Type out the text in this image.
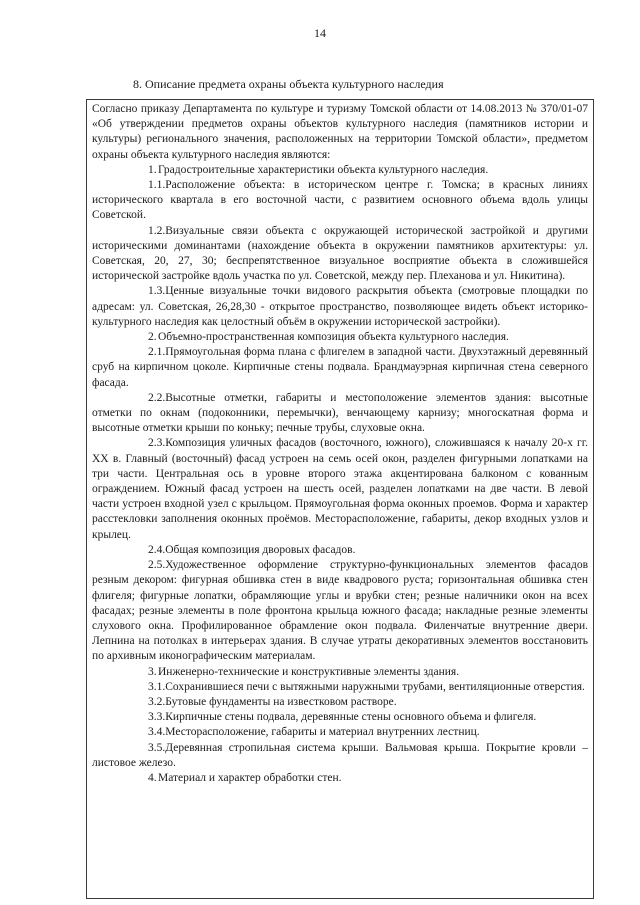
14
8. Описание предмета охраны объекта культурного наследия

Согласно приказу Департамента по культуре и туризму Томской области от 14.08.2013 № 370/01-07 «Об утверждении предметов охраны объектов культурного наследия (памятников истории и культуры) регионального значения, расположенных на территории Томской области», предметом охраны объекта культурного наследия являются:

1.Градостроительные характеристики объекта культурного наследия.

1.1.Расположение объекта: в историческом центре г. Томска; в красных линиях исторического квартала в его восточной части, с развитием основного объема вдоль улицы Советской.

1.2.Визуальные связи объекта с окружающей исторической застройкой и другими историческими доминантами (нахождение объекта в окружении памятников архитектуры: ул. Советская, 20, 27, 30; беспрепятственное визуальное восприятие объекта в сложившейся исторической застройке вдоль участка по ул. Советской, между пер. Плеханова и ул. Никитина).

1.3.Ценные визуальные точки видового раскрытия объекта (смотровые площадки по адресам: ул. Советская, 26,28,30 - открытое пространство, позволяющее видеть объект историко-культурного наследия как целостный объём в окружении исторической застройки).

2.Объемно-пространственная композиция объекта культурного наследия.

2.1.Прямоугольная форма плана с флигелем в западной части. Двухэтажный деревянный сруб на кирпичном цоколе. Кирпичные стены подвала. Брандмауэрная кирпичная стена северного фасада.

2.2.Высотные отметки, габариты и местоположение элементов здания: высотные отметки по окнам (подоконники, перемычки), венчающему карнизу; многоскатная форма и высотные отметки крыши по коньку; печные трубы, слуховые окна.

2.3.Композиция уличных фасадов (восточного, южного), сложившаяся к началу 20-х гг. XX в. Главный (восточный) фасад устроен на семь осей окон, разделен фигурными лопатками на три части. Центральная ось в уровне второго этажа акцентирована балконом с кованным ограждением. Южный фасад устроен на шесть осей, разделен лопатками на две части. В левой части устроен входной узел с крыльцом. Прямоугольная форма оконных проемов. Форма и характер расстекловки заполнения оконных проёмов. Месторасположение, габариты, декор входных узлов и крылец.

2.4.Общая композиция дворовых фасадов.

2.5.Художественное оформление структурно-функциональных элементов фасадов резным декором: фигурная обшивка стен в виде квадрового руста; горизонтальная обшивка стен флигеля; фигурные лопатки, обрамляющие углы и врубки стен; резные наличники окон на всех фасадах; резные элементы в поле фронтона крыльца южного фасада; накладные резные элементы слухового окна. Профилированное обрамление окон подвала. Филенчатые внутренние двери. Лепнина на потолках в интерьерах здания. В случае утраты декоративных элементов восстановить по архивным иконографическим материалам.

3.Инженерно-технические и конструктивные элементы здания.

3.1.Сохранившиеся печи с вытяжными наружными трубами, вентиляционные отверстия.

3.2.Бутовые фундаменты на известковом растворе.

3.3.Кирпичные стены подвала, деревянные стены основного объема и флигеля.

3.4.Месторасположение, габариты и материал внутренних лестниц.

3.5.Деревянная стропильная система крыши. Вальмовая крыша. Покрытие кровли – листовое железо.

4.Материал и характер обработки стен.
